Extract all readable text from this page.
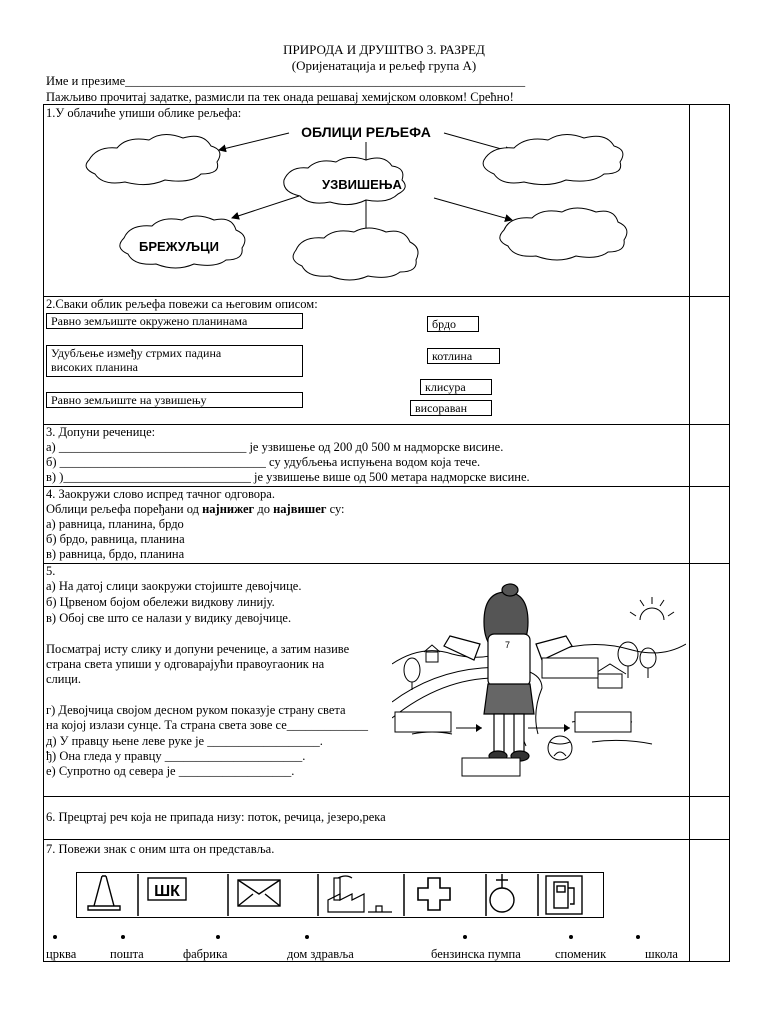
ПРИРОДА И ДРУШТВО 3. РАЗРЕД
(Оријенатација и рељеф група А)
Име и презиме________________________________________________________________
Пажљиво прочитај задатке, размисли па тек онада решавај хемијском оловком! Срећно!
1.У облачиће упиши облике рељефа:
ОБЛИЦИ РЕЉЕФА
УЗВИШЕЊА
БРЕЖУЉЦИ
2.Сваки облик рељефа повежи са његовим описом:
Равно земљиште окружено планинама
Удубљење између стрмих падина
високих планина
Равно земљиште на узвишењу
брдо
котлина
клисура
висораван
3. Допуни реченице:
а) ______________________________ је узвишење од 200 д0 500 м надморске висине.
б) _________________________________ су удубљења испуњена водом која тече.
в) )______________________________ је узвишење више од 500 метара надморске висине.
4. Заокружи слово испред тачног одговора.
Облици рељефа поређани од најнижег до највишег су:
а) равница, планина, брдо
б) брдо, равница, планина
в) равница, брдо, планина
5.
а) На датој слици заокружи стојиште девојчице.
б) Црвеном бојом обележи видкову линију.
в) Обој све што се налази у видику девојчице.
Посматрај исту слику и допуни реченице, а затим називе
страна света упиши у одговарајући правоугаоник на
слици.
г) Девојчица својом десном руком показује страну света
на којој излази сунце. Та страна света зове се_____________
д) У правцу њене леве руке је __________________.
ђ) Она гледа у правцу ______________________.
е) Супротно од севера је __________________.
7
6. Прецртај реч која не припада низу: поток, речица, језеро,река
7. Повежи знак с оним шта он представља.
ШК
црква	пошта	фабрика	дом здравља	бензинска пумпа	споменик	школа
